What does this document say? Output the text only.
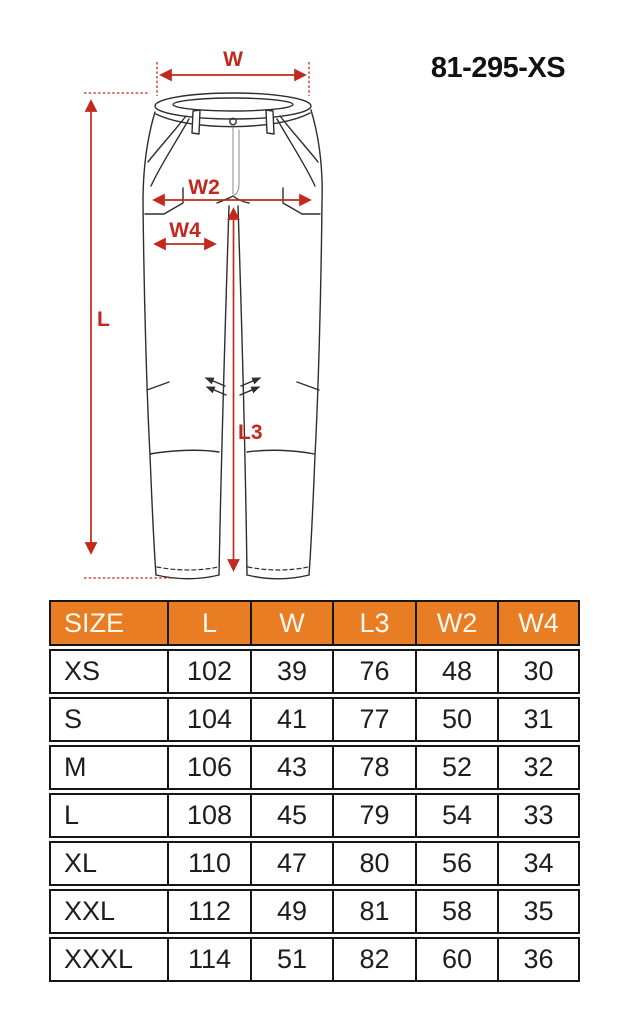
81-295-XS
W
L
W2
W4
L3
SIZE	L	W	L3	W2	W4
XS	102	39	76	48	30
S	104	41	77	50	31
M	106	43	78	52	32
L	108	45	79	54	33
XL	110	47	80	56	34
XXL	112	49	81	58	35
XXXL	114	51	82	60	36
